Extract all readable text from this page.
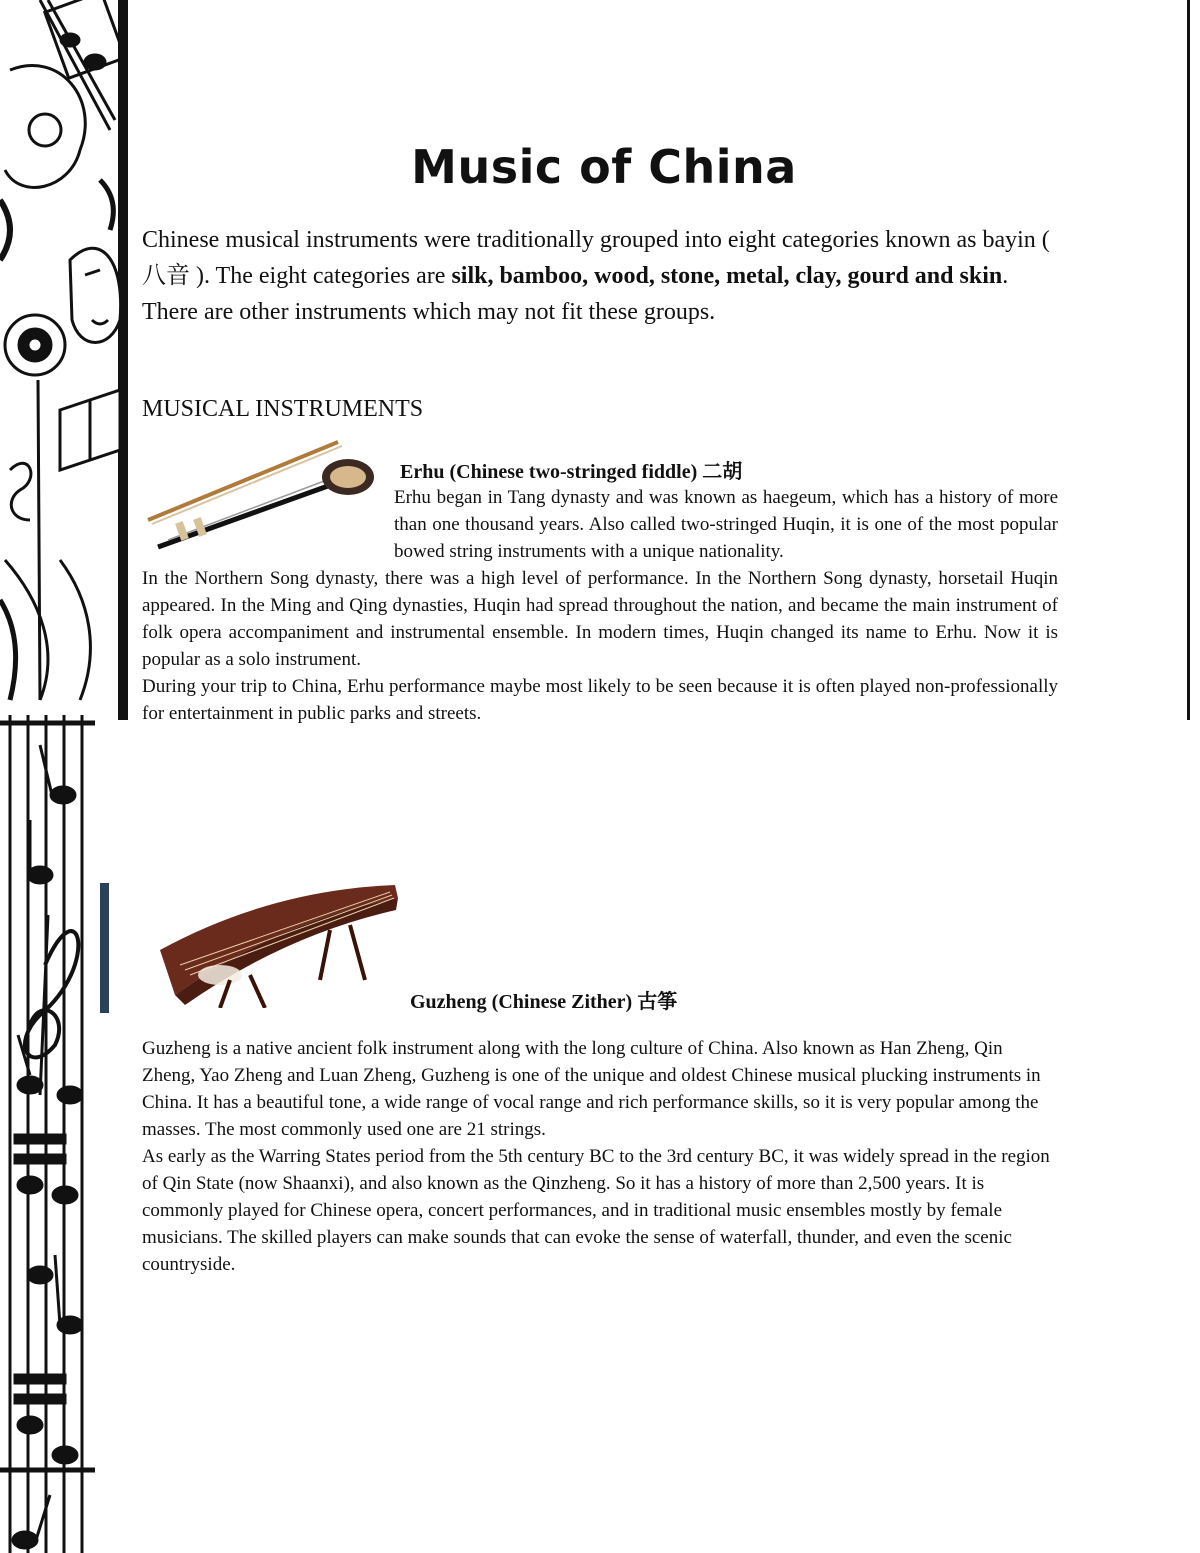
Music of China

Chinese musical instruments were traditionally grouped into eight categories known as bayin ( 八音 ). The eight categories are silk, bamboo, wood, stone, metal, clay, gourd and skin. There are other instruments which may not fit these groups.

MUSICAL INSTRUMENTS
Erhu (Chinese two-stringed fiddle) 二胡

Erhu began in Tang dynasty and was known as haegeum, which has a history of more than one thousand years. Also called two-stringed Huqin, it is one of the most popular bowed string instruments with a unique nationality.

In the Northern Song dynasty, there was a high level of performance. In the Northern Song dynasty, horsetail Huqin appeared. In the Ming and Qing dynasties, Huqin had spread throughout the nation, and became the main instrument of folk opera accompaniment and instrumental ensemble. In modern times, Huqin changed its name to Erhu. Now it is popular as a solo instrument.

During your trip to China, Erhu performance maybe most likely to be seen because it is often played non-professionally for entertainment in public parks and streets.

Guzheng (Chinese Zither) 古筝

Guzheng is a native ancient folk instrument along with the long culture of China. Also known as Han Zheng, Qin Zheng, Yao Zheng and Luan Zheng, Guzheng is one of the unique and oldest Chinese musical plucking instruments in China. It has a beautiful tone, a wide range of vocal range and rich performance skills, so it is very popular among the masses. The most commonly used one are 21 strings.

As early as the Warring States period from the 5th century BC to the 3rd century BC, it was widely spread in the region of Qin State (now Shaanxi), and also known as the Qinzheng. So it has a history of more than 2,500 years. It is commonly played for Chinese opera, concert performances, and in traditional music ensembles mostly by female musicians. The skilled players can make sounds that can evoke the sense of waterfall, thunder, and even the scenic countryside.
